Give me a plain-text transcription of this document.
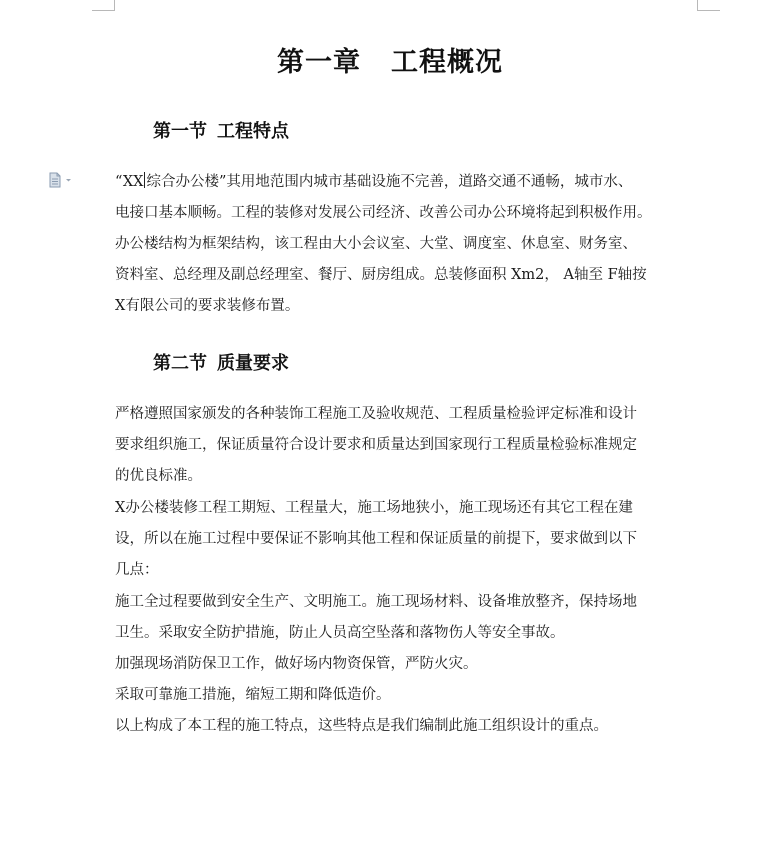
第一章 工程概况
第一节 工程特点
“XX 综合办公楼”其用地范围内城市基础设施不完善，道路交通不通畅，城市水、
电接口基本顺畅。工程的装修对发展公司经济、改善公司办公环境将起到积极作用。
办公楼结构为框架结构，该工程由大小会议室、大堂、调度室、休息室、财务室、
资料室、总经理及副总经理室、餐厅、厨房组成。总装修面积 Xm2， A轴至 F轴按
X有限公司的要求装修布置。
第二节 质量要求
严格遵照国家颁发的各种装饰工程施工及验收规范、工程质量检验评定标准和设计
要求组织施工，保证质量符合设计要求和质量达到国家现行工程质量检验标准规定
的优良标准。
X办公楼装修工程工期短、工程量大，施工场地狭小，施工现场还有其它工程在建
设，所以在施工过程中要保证不影响其他工程和保证质量的前提下，要求做到以下
几点：
施工全过程要做到安全生产、文明施工。施工现场材料、设备堆放整齐，保持场地
卫生。采取安全防护措施，防止人员高空坠落和落物伤人等安全事故。
加强现场消防保卫工作，做好场内物资保管，严防火灾。
采取可靠施工措施，缩短工期和降低造价。
以上构成了本工程的施工特点，这些特点是我们编制此施工组织设计的重点。
